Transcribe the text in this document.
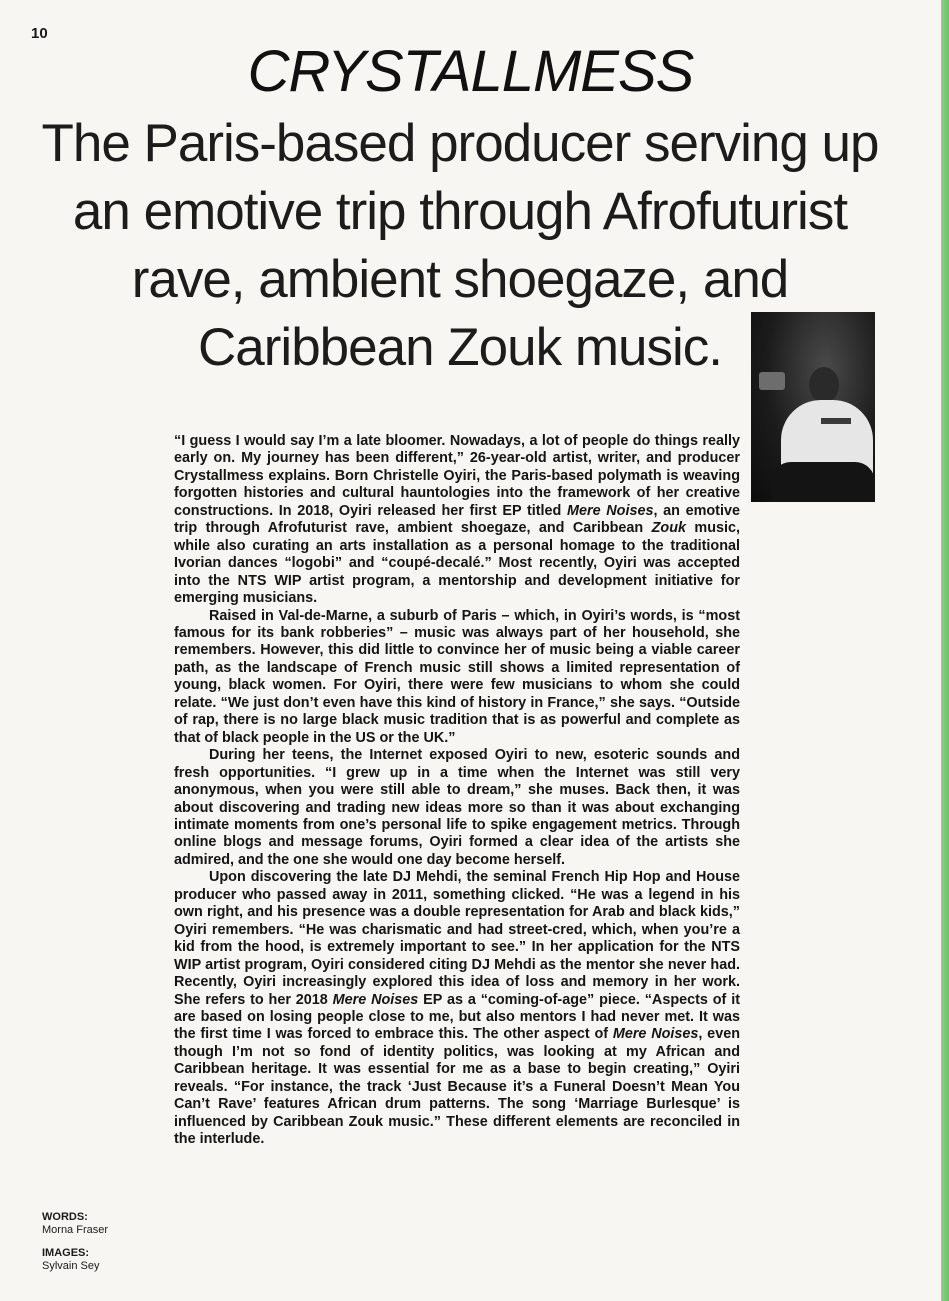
10
CRYSTALLMESS
The Paris-based producer serving up an emotive trip through Afrofuturist rave, ambient shoegaze, and Caribbean Zouk music.

“I guess I would say I’m a late bloomer. Nowadays, a lot of people do things really early on. My journey has been different,” 26-year-old artist, writer, and producer Crystallmess explains. Born Christelle Oyiri, the Paris-based polymath is weaving forgotten histories and cultural hauntologies into the framework of her creative constructions. In 2018, Oyiri released her first EP titled Mere Noises, an emotive trip through Afrofuturist rave, ambient shoegaze, and Caribbean Zouk music, while also curating an arts installation as a personal homage to the traditional Ivorian dances “logobi” and “coupé-decalé.” Most recently, Oyiri was accepted into the NTS WIP artist program, a mentorship and development initiative for emerging musicians.

Raised in Val-de-Marne, a suburb of Paris – which, in Oyiri’s words, is “most famous for its bank robberies” – music was always part of her household, she remembers. However, this did little to convince her of music being a viable career path, as the landscape of French music still shows a limited representation of young, black women. For Oyiri, there were few musicians to whom she could relate. “We just don’t even have this kind of history in France,” she says. “Outside of rap, there is no large black music tradition that is as powerful and complete as that of black people in the US or the UK.”

During her teens, the Internet exposed Oyiri to new, esoteric sounds and fresh opportunities. “I grew up in a time when the Internet was still very anonymous, when you were still able to dream,” she muses. Back then, it was about discovering and trading new ideas more so than it was about exchanging intimate moments from one’s personal life to spike engagement metrics. Through online blogs and message forums, Oyiri formed a clear idea of the artists she admired, and the one she would one day become herself.

Upon discovering the late DJ Mehdi, the seminal French Hip Hop and House producer who passed away in 2011, something clicked. “He was a legend in his own right, and his presence was a double representation for Arab and black kids,” Oyiri remembers. “He was charismatic and had street-cred, which, when you’re a kid from the hood, is extremely important to see.” In her application for the NTS WIP artist program, Oyiri considered citing DJ Mehdi as the mentor she never had. Recently, Oyiri increasingly explored this idea of loss and memory in her work. She refers to her 2018 Mere Noises EP as a “coming-of-age” piece. “Aspects of it are based on losing people close to me, but also mentors I had never met. It was the first time I was forced to embrace this. The other aspect of Mere Noises, even though I’m not so fond of identity politics, was looking at my African and Caribbean heritage. It was essential for me as a base to begin creating,” Oyiri reveals. “For instance, the track ‘Just Because it’s a Funeral Doesn’t Mean You Can’t Rave’ features African drum patterns. The song ‘Marriage Burlesque’ is influenced by Caribbean Zouk music.” These different elements are reconciled in the interlude.

WORDS:
Morna Fraser
IMAGES:
Sylvain Sey
